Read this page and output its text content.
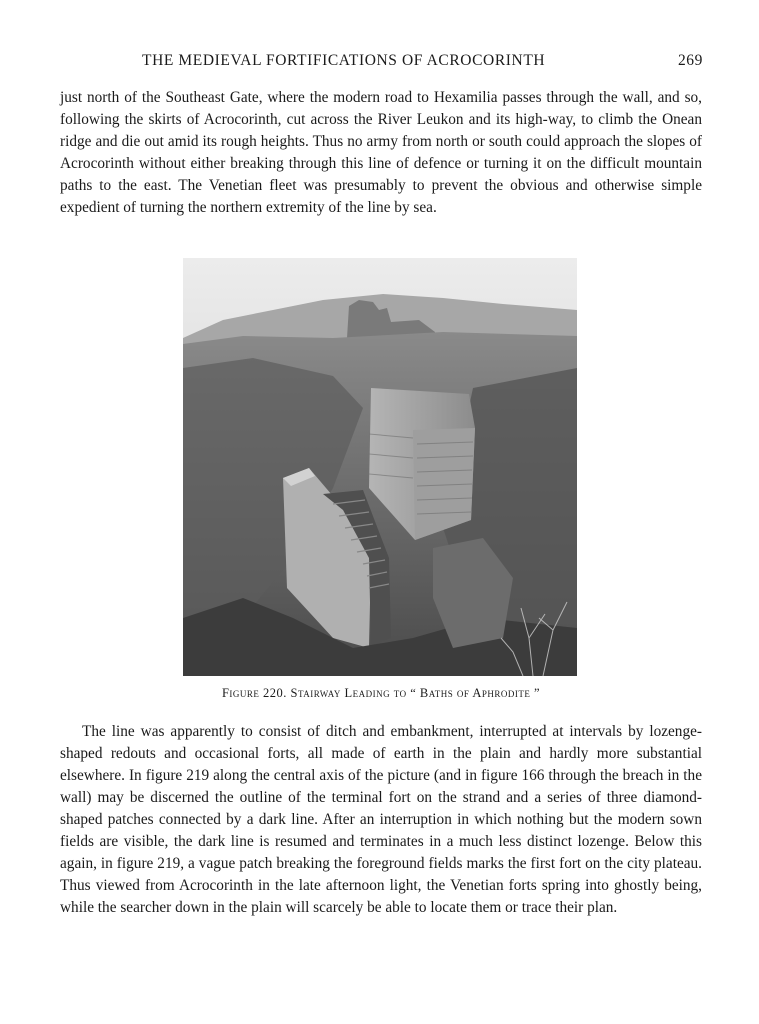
THE MEDIEVAL FORTIFICATIONS OF ACROCORINTH	269

just north of the Southeast Gate, where the modern road to Hexamilia passes through the wall, and so, following the skirts of Acrocorinth, cut across the River Leukon and its high-way, to climb the Onean ridge and die out amid its rough heights. Thus no army from north or south could approach the slopes of Acrocorinth without either breaking through this line of defence or turning it on the difficult mountain paths to the east. The Venetian fleet was presumably to prevent the obvious and otherwise simple expedient of turning the northern extremity of the line by sea.

Figure 220. Stairway Leading to “ Baths of Aphrodite ”

The line was apparently to consist of ditch and embankment, interrupted at intervals by lozenge-shaped redouts and occasional forts, all made of earth in the plain and hardly more substantial elsewhere. In figure 219 along the central axis of the picture (and in figure 166 through the breach in the wall) may be discerned the outline of the terminal fort on the strand and a series of three diamond-shaped patches connected by a dark line. After an interruption in which nothing but the modern sown fields are visible, the dark line is resumed and terminates in a much less distinct lozenge. Below this again, in figure 219, a vague patch breaking the foreground fields marks the first fort on the city plateau. Thus viewed from Acrocorinth in the late afternoon light, the Venetian forts spring into ghostly being, while the searcher down in the plain will scarcely be able to locate them or trace their plan.
